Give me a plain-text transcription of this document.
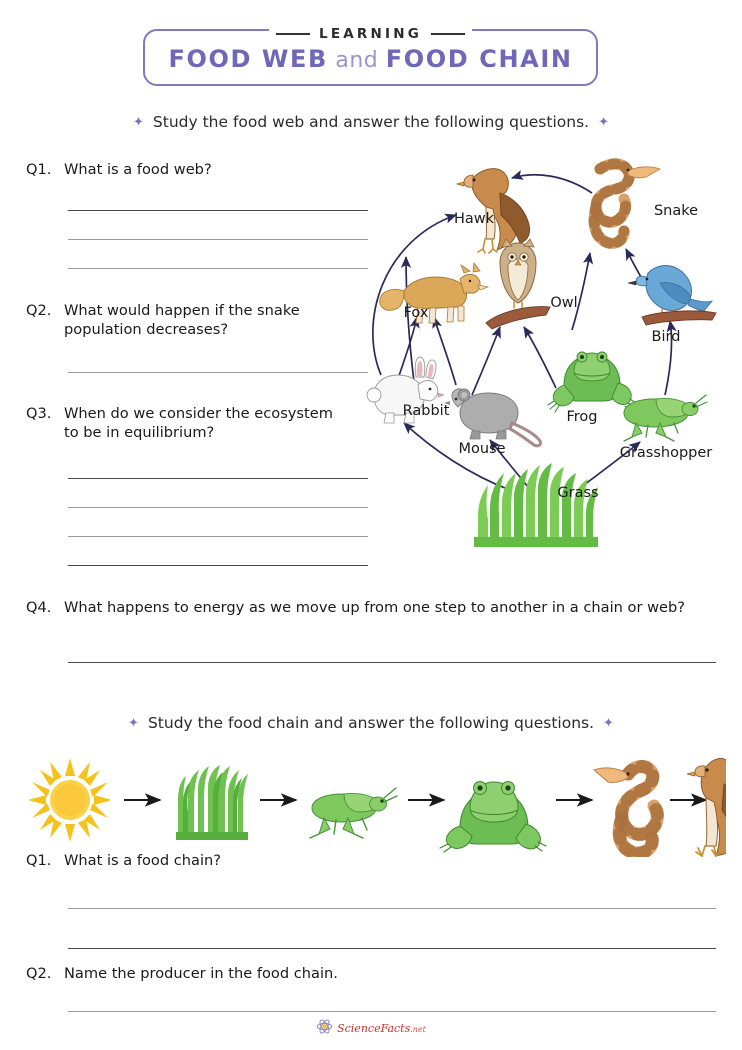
LEARNING
FOOD WEB and FOOD CHAIN
✦ Study the food web and answer the following questions. ✦
Q1. What is a food web?
Q2. What would happen if the snake population decreases?
Q3. When do we consider the ecosystem to be in equilibrium?
Q4. What happens to energy as we move up from one step to another in a chain or web?
Hawk	Snake
Fox
Owl
Bird
Rabbit
Mouse
Frog
Grasshopper
Grass
✦ Study the food chain and answer the following questions. ✦
Q1. What is a food chain?
Q2. Name the producer in the food chain.
ScienceFacts.net
